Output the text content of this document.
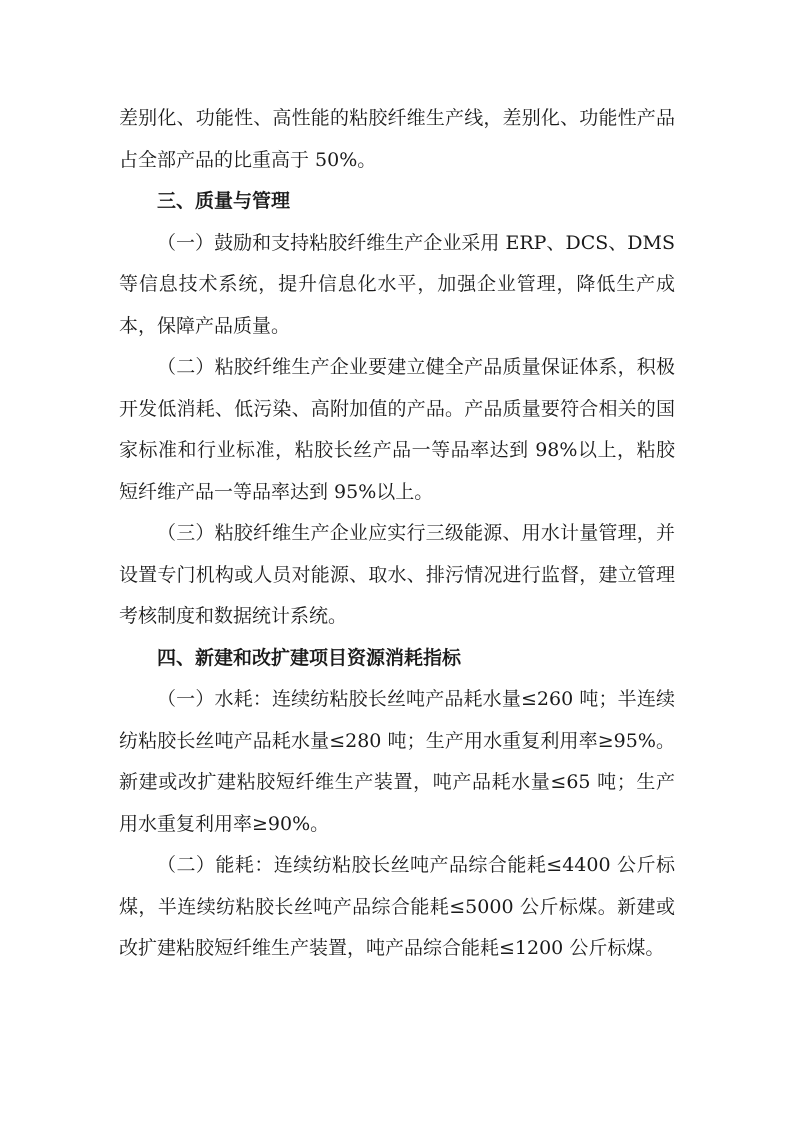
差别化、功能性、高性能的粘胶纤维生产线，差别化、功能性产品占全部产品的比重高于 50%。

三、质量与管理

（一）鼓励和支持粘胶纤维生产企业采用 ERP、DCS、DMS 等信息技术系统，提升信息化水平，加强企业管理，降低生产成本，保障产品质量。

（二）粘胶纤维生产企业要建立健全产品质量保证体系，积极开发低消耗、低污染、高附加值的产品。产品质量要符合相关的国家标准和行业标准，粘胶长丝产品一等品率达到 98%以上，粘胶短纤维产品一等品率达到 95%以上。

（三）粘胶纤维生产企业应实行三级能源、用水计量管理，并设置专门机构或人员对能源、取水、排污情况进行监督，建立管理考核制度和数据统计系统。

四、新建和改扩建项目资源消耗指标

（一）水耗：连续纺粘胶长丝吨产品耗水量≤260 吨；半连续纺粘胶长丝吨产品耗水量≤280 吨；生产用水重复利用率≥95%。新建或改扩建粘胶短纤维生产装置，吨产品耗水量≤65 吨；生产用水重复利用率≥90%。

（二）能耗：连续纺粘胶长丝吨产品综合能耗≤4400 公斤标煤，半连续纺粘胶长丝吨产品综合能耗≤5000 公斤标煤。新建或改扩建粘胶短纤维生产装置，吨产品综合能耗≤1200 公斤标煤。
